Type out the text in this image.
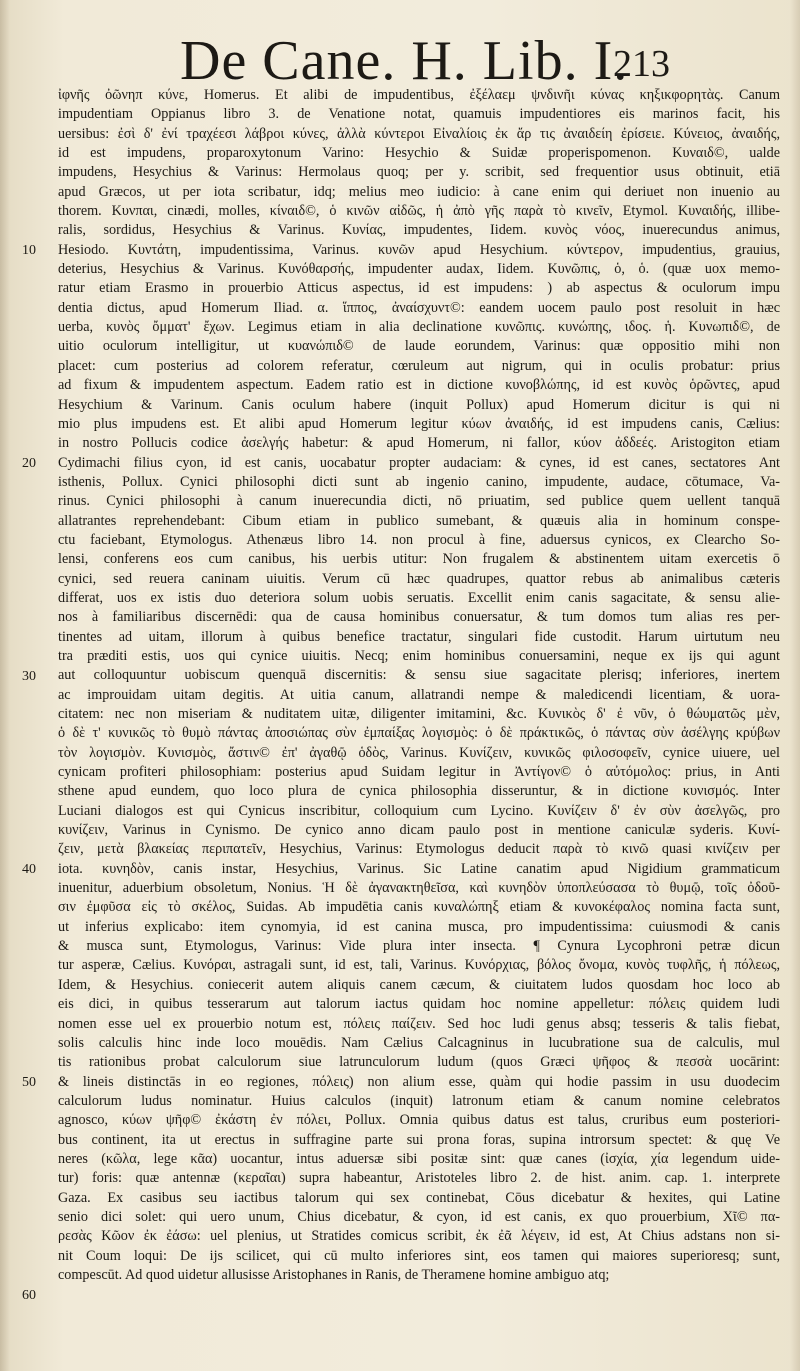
De Cane. H. Lib. I.
213
10
20
30
40
50
60
ἰφνῆς ὀῶνηπ κύνε, Homerus. Et alibi de impudentibus, ἐξέλαεμ ψνδινῆι κύνας κηξικφορητὰς. Canum
impudentiam Oppianus libro 3. de Venatione notat, quamuis impudentiores eis marinos facit, his
uersibus: ἐσὶ δ' ἐνί τραχέεσι λάβροι κύνες, ἀλλὰ κύντεροι Εἰναλίοις ἐκ ἄρ τις ἀναιδείη ἐρίσειε. Κύνειος, ἀναιδής,
id est impudens, proparoxytonum Varino: Hesychio & Suidæ properispomenon. Κυναιδ©, ualde
impudens, Hesychius & Varinus: Hermolaus quoq; per y. scribit, sed frequentior usus obtinuit, etiā
apud Græcos, ut per iota scribatur, idq; melius meo iudicio: à cane enim qui deriuet non inuenio au
thorem. Κυνπαι, cinædi, molles, κίναιδ©, ὁ κινῶν αἰδῶς, ἡ ἀπὸ γῆς παρὰ τὸ κινεῖν, Etymol. Κυναιδής, illibe-
ralis, sordidus, Hesychius & Varinus. Κυνίας, impudentes, Iidem. κυνὸς νόος, inuerecundus animus,
Hesiodo. Κυντάτη, impudentissima, Varinus. κυνῶν apud Hesychium. κύντερον, impudentius, grauius,
deterius, Hesychius & Varinus. Κυνόθαρσής, impudenter audax, Iidem. Κυνῶπις, ὁ, ὁ. (quæ uox memo-
ratur etiam Erasmo in prouerbio Atticus aspectus, id est impudens: ) ab aspectus & oculorum impu
dentia dictus, apud Homerum Iliad. α. ἵππος, ἀναίσχυντ©: eandem uocem paulo post resoluit in hæc
uerba, κυνὸς ὄμματ' ἔχων. Legimus etiam in alia declinatione κυνῶπις. κυνώπης, ιδος. ἡ. Κυνωπιδ©, de
uitio oculorum intelligitur, ut κυανώπιδ© de laude eorundem, Varinus: quæ oppositio mihi non
placet: cum posterius ad colorem referatur, cœruleum aut nigrum, qui in oculis probatur: prius
ad fixum & impudentem aspectum. Eadem ratio est in dictione κυνοβλώπης, id est κυνὸς ὁρῶντες, apud
Hesychium & Varinum. Canis oculum habere (inquit Pollux) apud Homerum dicitur is qui ni
mio plus impudens est. Et alibi apud Homerum legitur κύων ἀναιδής, id est impudens canis, Cælius:
in nostro Pollucis codice ἀσελγής habetur: & apud Homerum, ni fallor, κύον ἀδδεές. Aristogiton etiam
Cydimachi filius cyon, id est canis, uocabatur propter audaciam: & cynes, id est canes, sectatores Ant
isthenis, Pollux. Cynici philosophi dicti sunt ab ingenio canino, impudente, audace, cōtumace, Va-
rinus. Cynici philosophi à canum inuerecundia dicti, nō priuatim, sed publice quem uellent tanquā
allatrantes reprehendebant: Cibum etiam in publico sumebant, & quæuis alia in hominum conspe-
ctu faciebant, Etymologus. Athenæus libro 14. non procul à fine, aduersus cynicos, ex Clearcho So-
lensi, conferens eos cum canibus, his uerbis utitur: Non frugalem & abstinentem uitam exercetis ō
cynici, sed reuera caninam uiuitis. Verum cū hæc quadrupes, quattor rebus ab animalibus cæteris
differat, uos ex istis duo deteriora solum uobis seruatis. Excellit enim canis sagacitate, & sensu alie-
nos à familiaribus discernēdi: qua de causa hominibus conuersatur, & tum domos tum alias res per-
tinentes ad uitam, illorum à quibus benefice tractatur, singulari fide custodit. Harum uirtutum neu
tra præditi estis, uos qui cynice uiuitis. Necq; enim hominibus conuersamini, neque ex ijs qui agunt
aut colloquuntur uobiscum quenquā discernitis: & sensu siue sagacitate plerisq; inferiores, inertem
ac improuidam uitam degitis. At uitia canum, allatrandi nempe & maledicendi licentiam, & uora-
citatem: nec non miseriam & nuditatem uitæ, diligenter imitamini, &c. Κυνικὸς δ' ἐ νῦν, ὁ θώυματῶς μὲν,
ὁ δὲ τ' κυνικῶς τὸ θυμὸ πάντας ἀποσιώπας σὺν ἐμπαίξας λογισμὸς: ὁ δὲ πράκτικῶς, ὁ πάντας σὺν ἀσέλγης κρύβων
τὸν λογισμὸν. Κυνισμὸς, ἄστιν© ἐπ' ἀγαθῷ ὁδὸς, Varinus. Κυνίζειν, κυνικῶς φιλοσοφεῖν, cynice uiuere, uel
cynicam profiteri philosophiam: posterius apud Suidam legitur in Ἀντίγον© ὁ αὐτόμολος: prius, in Anti
sthene apud eundem, quo loco plura de cynica philosophia disseruntur, & in dictione κυνισμός. Inter
Luciani dialogos est qui Cynicus inscribitur, colloquium cum Lycino. Κυνίζειν δ' ἐν σὺν ἀσελγῶς, pro
κυνίζειν, Varinus in Cynismo. De cynico anno dicam paulo post in mentione caniculæ syderis. Κυνί-
ζειν, μετὰ βλακείας περιπατεῖν, Hesychius, Varinus: Etymologus deducit παρὰ τὸ κινῶ quasi κινίζειν per
iota. κυνηδὸν, canis instar, Hesychius, Varinus. Sic Latine canatim apud Nigidium grammaticum
inuenitur, aduerbium obsoletum, Nonius. Ἡ δὲ ἀγανακτηθεῖσα, καὶ κυνηδὸν ὑποπλεύσασα τὸ θυμῷ, τοῖς ὀδοῦ-
σιν ἐμφῦσα εἰς τὸ σκέλος, Suidas. Ab impudētia canis κυναλώπηξ etiam & κυνοκέφαλος nomina facta sunt,
ut inferius explicabo: item cynomyia, id est canina musca, pro impudentissima: cuiusmodi & canis
& musca sunt, Etymologus, Varinus: Vide plura inter insecta. ¶ Cynura Lycophroni petræ dicun
tur asperæ, Cælius. Κυνόραι, astragali sunt, id est, tali, Varinus. Κυνόρχιας, βόλος ὄνομα, κυνὸς τυφλῆς, ἡ πόλεως,
Idem, & Hesychius. coniecerit autem aliquis canem cæcum, & ciuitatem ludos quosdam hoc loco ab
eis dici, in quibus tesserarum aut talorum iactus quidam hoc nomine appelletur: πόλεις quidem ludi
nomen esse uel ex prouerbio notum est, πόλεις παίζειν. Sed hoc ludi genus absq; tesseris & talis fiebat,
solis calculis hinc inde loco mouēdis. Nam Cælius Calcagninus in lucubratione sua de calculis, mul
tis rationibus probat calculorum siue latrunculorum ludum (quos Græci ψῆφος & πεσσὰ uocārint:
& lineis distinctās in eo regiones, πόλεις) non alium esse, quàm qui hodie passim in usu duodecim
calculorum ludus nominatur. Huius calculos (inquit) latronum etiam & canum nomine celebratos
agnosco, κύων ψῆφ© ἐκάστη ἐν πόλει, Pollux. Omnia quibus datus est talus, cruribus eum posteriori-
bus continent, ita ut erectus in suffragine parte sui prona foras, supina introrsum spectet: & quę Ve
neres (κῶλα, lege κᾶα) uocantur, intus aduersæ sibi positæ sint: quæ canes (ἰσχία, χία legendum uide-
tur) foris: quæ antennæ (κεραῖαι) supra habeantur, Aristoteles libro 2. de hist. anim. cap. 1. interprete
Gaza. Ex casibus seu iactibus talorum qui sex continebat, Cōus dicebatur & hexites, qui Latine
senio dici solet: qui uero unum, Chius dicebatur, & cyon, id est canis, ex quo prouerbium, Χῖ© πα-
ρεσὰς Κῶον ἐκ ἐάσω: uel plenius, ut Stratides comicus scribit, ἐκ ἐᾶ λέγειν, id est, At Chius adstans non si-
nit Coum loqui: De ijs scilicet, qui cū multo inferiores sint, eos tamen qui maiores superioresq; sunt,
compescūt. Ad quod uidetur allusisse Aristophanes in Ranis, de Theramene homine ambiguo atq;
